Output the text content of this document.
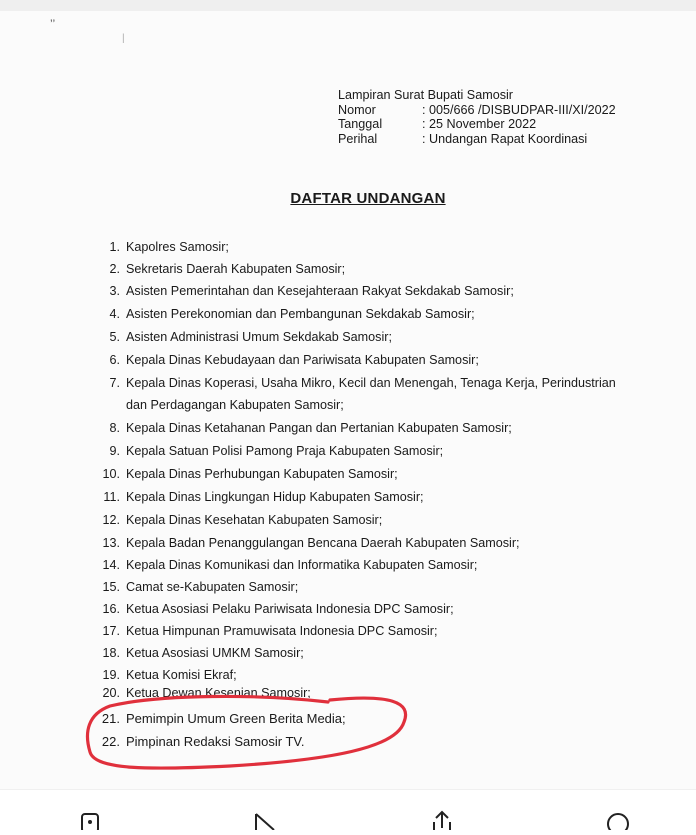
’’
|
Lampiran Surat Bupati Samosir
Nomor	: 005/⁠666 /DISBUDPAR-III/XI/2022
Tanggal	: 25 November 2022
Perihal	: Undangan Rapat Koordinasi
DAFTAR UNDANGAN
1. Kapolres Samosir;
2. Sekretaris Daerah Kabupaten Samosir;
3. Asisten Pemerintahan dan Kesejahteraan Rakyat Sekdakab Samosir;
4. Asisten Perekonomian dan Pembangunan Sekdakab Samosir;
5. Asisten Administrasi Umum Sekdakab Samosir;
6. Kepala Dinas Kebudayaan dan Pariwisata Kabupaten Samosir;
7. Kepala Dinas Koperasi, Usaha Mikro, Kecil dan Menengah, Tenaga Kerja, Perindustrian
dan Perdagangan Kabupaten Samosir;
8. Kepala Dinas Ketahanan Pangan dan Pertanian Kabupaten Samosir;
9. Kepala Satuan Polisi Pamong Praja Kabupaten Samosir;
10. Kepala Dinas Perhubungan Kabupaten Samosir;
11. Kepala Dinas Lingkungan Hidup Kabupaten Samosir;
12. Kepala Dinas Kesehatan Kabupaten Samosir;
13. Kepala Badan Penanggulangan Bencana Daerah Kabupaten Samosir;
14. Kepala Dinas Komunikasi dan Informatika Kabupaten Samosir;
15. Camat se-Kabupaten Samosir;
16. Ketua Asosiasi Pelaku Pariwisata Indonesia DPC Samosir;
17. Ketua Himpunan Pramuwisata Indonesia DPC Samosir;
18. Ketua Asosiasi UMKM Samosir;
19. Ketua Komisi Ekraf;
20. Ketua Dewan Kesenian Samosir;
21. Pemimpin Umum Green Berita Media;
22. Pimpinan Redaksi Samosir TV.
